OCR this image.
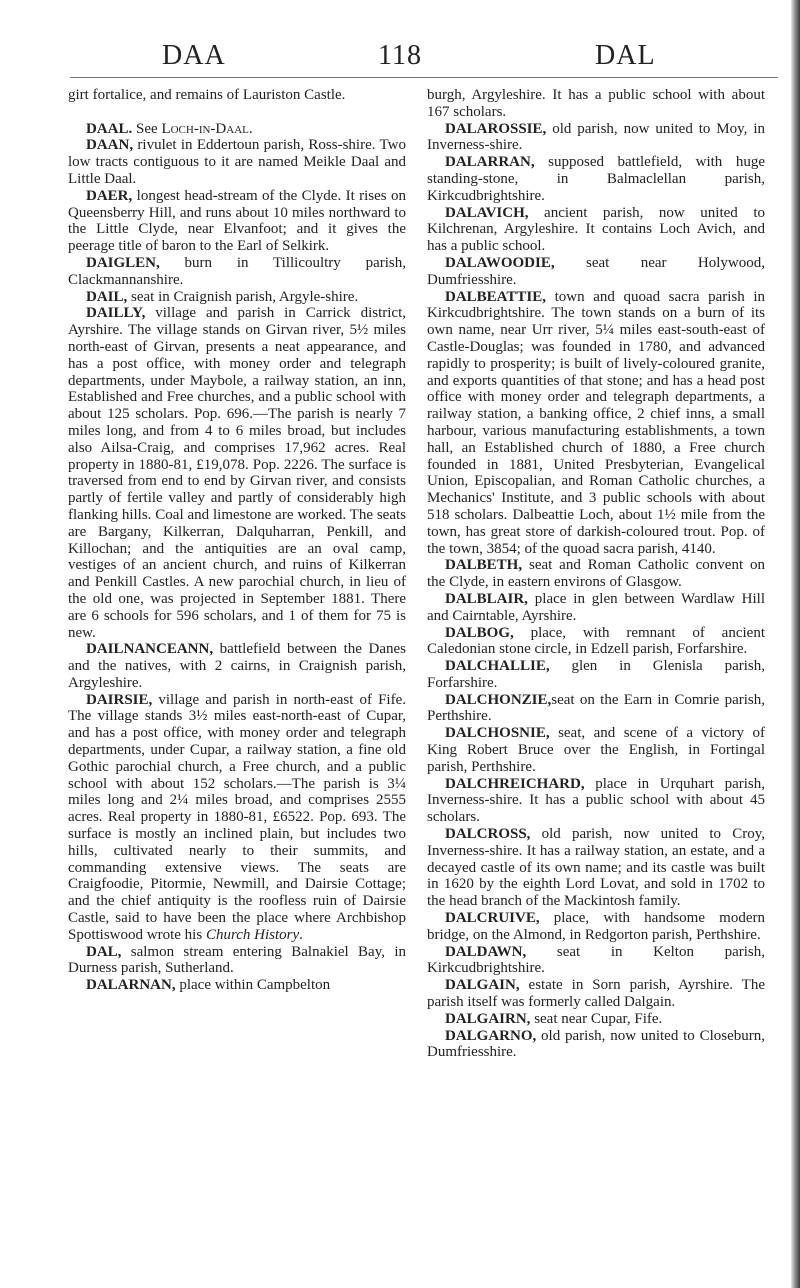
DAA	118	DAL

girt fortalice, and remains of Lauriston Castle.

DAAL. See Loch-in-Daal.

DAAN, rivulet in Eddertoun parish, Ross-shire. Two low tracts contiguous to it are named Meikle Daal and Little Daal.

DAER, longest head-stream of the Clyde. It rises on Queensberry Hill, and runs about 10 miles northward to the Little Clyde, near Elvanfoot; and it gives the peerage title of baron to the Earl of Selkirk.

DAIGLEN, burn in Tillicoultry parish, Clackmannanshire.

DAIL, seat in Craignish parish, Argyle-shire.

DAILLY, village and parish in Carrick district, Ayrshire. The village stands on Girvan river, 5½ miles north-east of Girvan, presents a neat appearance, and has a post office, with money order and telegraph departments, under Maybole, a railway station, an inn, Established and Free churches, and a public school with about 125 scholars. Pop. 696.—The parish is nearly 7 miles long, and from 4 to 6 miles broad, but includes also Ailsa-Craig, and comprises 17,962 acres. Real property in 1880-81, £19,078. Pop. 2226. The surface is traversed from end to end by Girvan river, and consists partly of fertile valley and partly of considerably high flanking hills. Coal and limestone are worked. The seats are Bargany, Kilkerran, Dalquharran, Penkill, and Killochan; and the antiquities are an oval camp, vestiges of an ancient church, and ruins of Kilkerran and Penkill Castles. A new parochial church, in lieu of the old one, was projected in September 1881. There are 6 schools for 596 scholars, and 1 of them for 75 is new.

DAILNANCEANN, battlefield between the Danes and the natives, with 2 cairns, in Craignish parish, Argyleshire.

DAIRSIE, village and parish in north-east of Fife. The village stands 3½ miles east-north-east of Cupar, and has a post office, with money order and telegraph departments, under Cupar, a railway station, a fine old Gothic parochial church, a Free church, and a public school with about 152 scholars.—The parish is 3¼ miles long and 2¼ miles broad, and comprises 2555 acres. Real property in 1880-81, £6522. Pop. 693. The surface is mostly an inclined plain, but includes two hills, cultivated nearly to their summits, and commanding extensive views. The seats are Craigfoodie, Pitormie, Newmill, and Dairsie Cottage; and the chief antiquity is the roofless ruin of Dairsie Castle, said to have been the place where Archbishop Spottiswood wrote his Church History.

DAL, salmon stream entering Balnakiel Bay, in Durness parish, Sutherland.

DALARNAN, place within Campbelton

burgh, Argyleshire. It has a public school with about 167 scholars.

DALAROSSIE, old parish, now united to Moy, in Inverness-shire.

DALARRAN, supposed battlefield, with huge standing-stone, in Balmaclellan parish, Kirkcudbrightshire.

DALAVICH, ancient parish, now united to Kilchrenan, Argyleshire. It contains Loch Avich, and has a public school.

DALAWOODIE, seat near Holywood, Dumfriesshire.

DALBEATTIE, town and quoad sacra parish in Kirkcudbrightshire. The town stands on a burn of its own name, near Urr river, 5¼ miles east-south-east of Castle-Douglas; was founded in 1780, and advanced rapidly to prosperity; is built of lively-coloured granite, and exports quantities of that stone; and has a head post office with money order and telegraph departments, a railway station, a banking office, 2 chief inns, a small harbour, various manufacturing establishments, a town hall, an Established church of 1880, a Free church founded in 1881, United Presbyterian, Evangelical Union, Episcopalian, and Roman Catholic churches, a Mechanics' Institute, and 3 public schools with about 518 scholars. Dalbeattie Loch, about 1½ mile from the town, has great store of darkish-coloured trout. Pop. of the town, 3854; of the quoad sacra parish, 4140.

DALBETH, seat and Roman Catholic convent on the Clyde, in eastern environs of Glasgow.

DALBLAIR, place in glen between Wardlaw Hill and Cairntable, Ayrshire.

DALBOG, place, with remnant of ancient Caledonian stone circle, in Edzell parish, Forfarshire.

DALCHALLIE, glen in Glenisla parish, Forfarshire.

DALCHONZIE,seat on the Earn in Comrie parish, Perthshire.

DALCHOSNIE, seat, and scene of a victory of King Robert Bruce over the English, in Fortingal parish, Perthshire.

DALCHREICHARD, place in Urquhart parish, Inverness-shire. It has a public school with about 45 scholars.

DALCROSS, old parish, now united to Croy, Inverness-shire. It has a railway station, an estate, and a decayed castle of its own name; and its castle was built in 1620 by the eighth Lord Lovat, and sold in 1702 to the head branch of the Mackintosh family.

DALCRUIVE, place, with handsome modern bridge, on the Almond, in Redgorton parish, Perthshire.

DALDAWN, seat in Kelton parish, Kirkcudbrightshire.

DALGAIN, estate in Sorn parish, Ayrshire. The parish itself was formerly called Dalgain.

DALGAIRN, seat near Cupar, Fife.

DALGARNO, old parish, now united to Closeburn, Dumfriesshire.
